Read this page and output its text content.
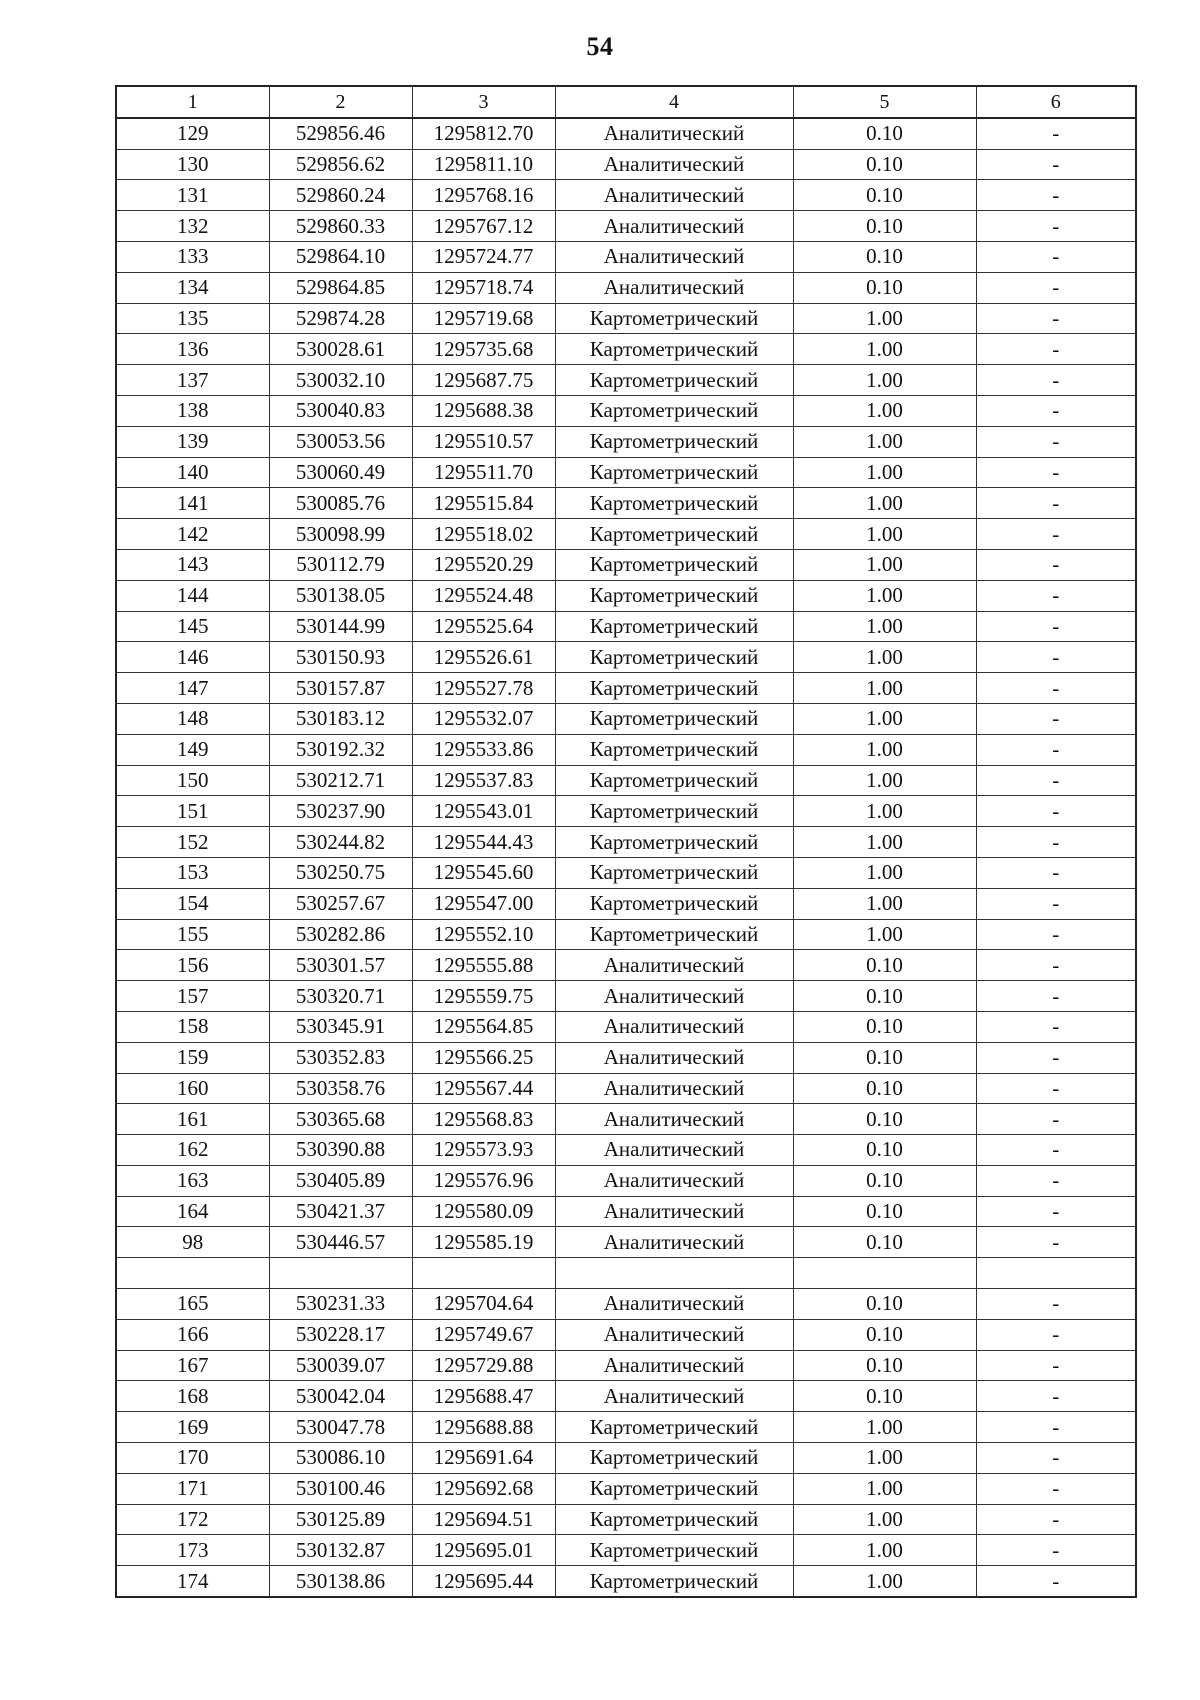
54
1	2	3	4	5	6
129	529856.46	1295812.70	Аналитический	0.10	-
130	529856.62	1295811.10	Аналитический	0.10	-
131	529860.24	1295768.16	Аналитический	0.10	-
132	529860.33	1295767.12	Аналитический	0.10	-
133	529864.10	1295724.77	Аналитический	0.10	-
134	529864.85	1295718.74	Аналитический	0.10	-
135	529874.28	1295719.68	Картометрический	1.00	-
136	530028.61	1295735.68	Картометрический	1.00	-
137	530032.10	1295687.75	Картометрический	1.00	-
138	530040.83	1295688.38	Картометрический	1.00	-
139	530053.56	1295510.57	Картометрический	1.00	-
140	530060.49	1295511.70	Картометрический	1.00	-
141	530085.76	1295515.84	Картометрический	1.00	-
142	530098.99	1295518.02	Картометрический	1.00	-
143	530112.79	1295520.29	Картометрический	1.00	-
144	530138.05	1295524.48	Картометрический	1.00	-
145	530144.99	1295525.64	Картометрический	1.00	-
146	530150.93	1295526.61	Картометрический	1.00	-
147	530157.87	1295527.78	Картометрический	1.00	-
148	530183.12	1295532.07	Картометрический	1.00	-
149	530192.32	1295533.86	Картометрический	1.00	-
150	530212.71	1295537.83	Картометрический	1.00	-
151	530237.90	1295543.01	Картометрический	1.00	-
152	530244.82	1295544.43	Картометрический	1.00	-
153	530250.75	1295545.60	Картометрический	1.00	-
154	530257.67	1295547.00	Картометрический	1.00	-
155	530282.86	1295552.10	Картометрический	1.00	-
156	530301.57	1295555.88	Аналитический	0.10	-
157	530320.71	1295559.75	Аналитический	0.10	-
158	530345.91	1295564.85	Аналитический	0.10	-
159	530352.83	1295566.25	Аналитический	0.10	-
160	530358.76	1295567.44	Аналитический	0.10	-
161	530365.68	1295568.83	Аналитический	0.10	-
162	530390.88	1295573.93	Аналитический	0.10	-
163	530405.89	1295576.96	Аналитический	0.10	-
164	530421.37	1295580.09	Аналитический	0.10	-
98	530446.57	1295585.19	Аналитический	0.10	-

165	530231.33	1295704.64	Аналитический	0.10	-
166	530228.17	1295749.67	Аналитический	0.10	-
167	530039.07	1295729.88	Аналитический	0.10	-
168	530042.04	1295688.47	Аналитический	0.10	-
169	530047.78	1295688.88	Картометрический	1.00	-
170	530086.10	1295691.64	Картометрический	1.00	-
171	530100.46	1295692.68	Картометрический	1.00	-
172	530125.89	1295694.51	Картометрический	1.00	-
173	530132.87	1295695.01	Картометрический	1.00	-
174	530138.86	1295695.44	Картометрический	1.00	-
